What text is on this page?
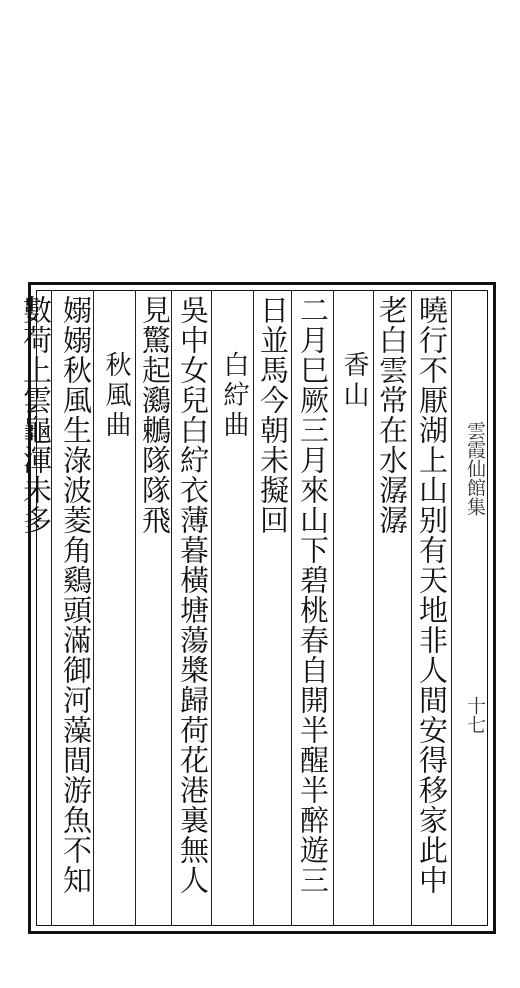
雲霞仙館集
十七
曉行不厭湖上山别有天地非人間安得移家此中
老白雲常在水潺潺
香山
二月巳厥三月來山下碧桃春自開半醒半醉遊三
日並馬今朝未擬回
白紵曲
吳中女兒白紵衣薄暮橫塘蕩槳歸荷花港裏無人
見驚起鸂鶒隊隊飛
秋風曲
嫋嫋秋風生淥波菱角鷄頭滿御河藻間游魚不知
數荷上雲龜渾未多
